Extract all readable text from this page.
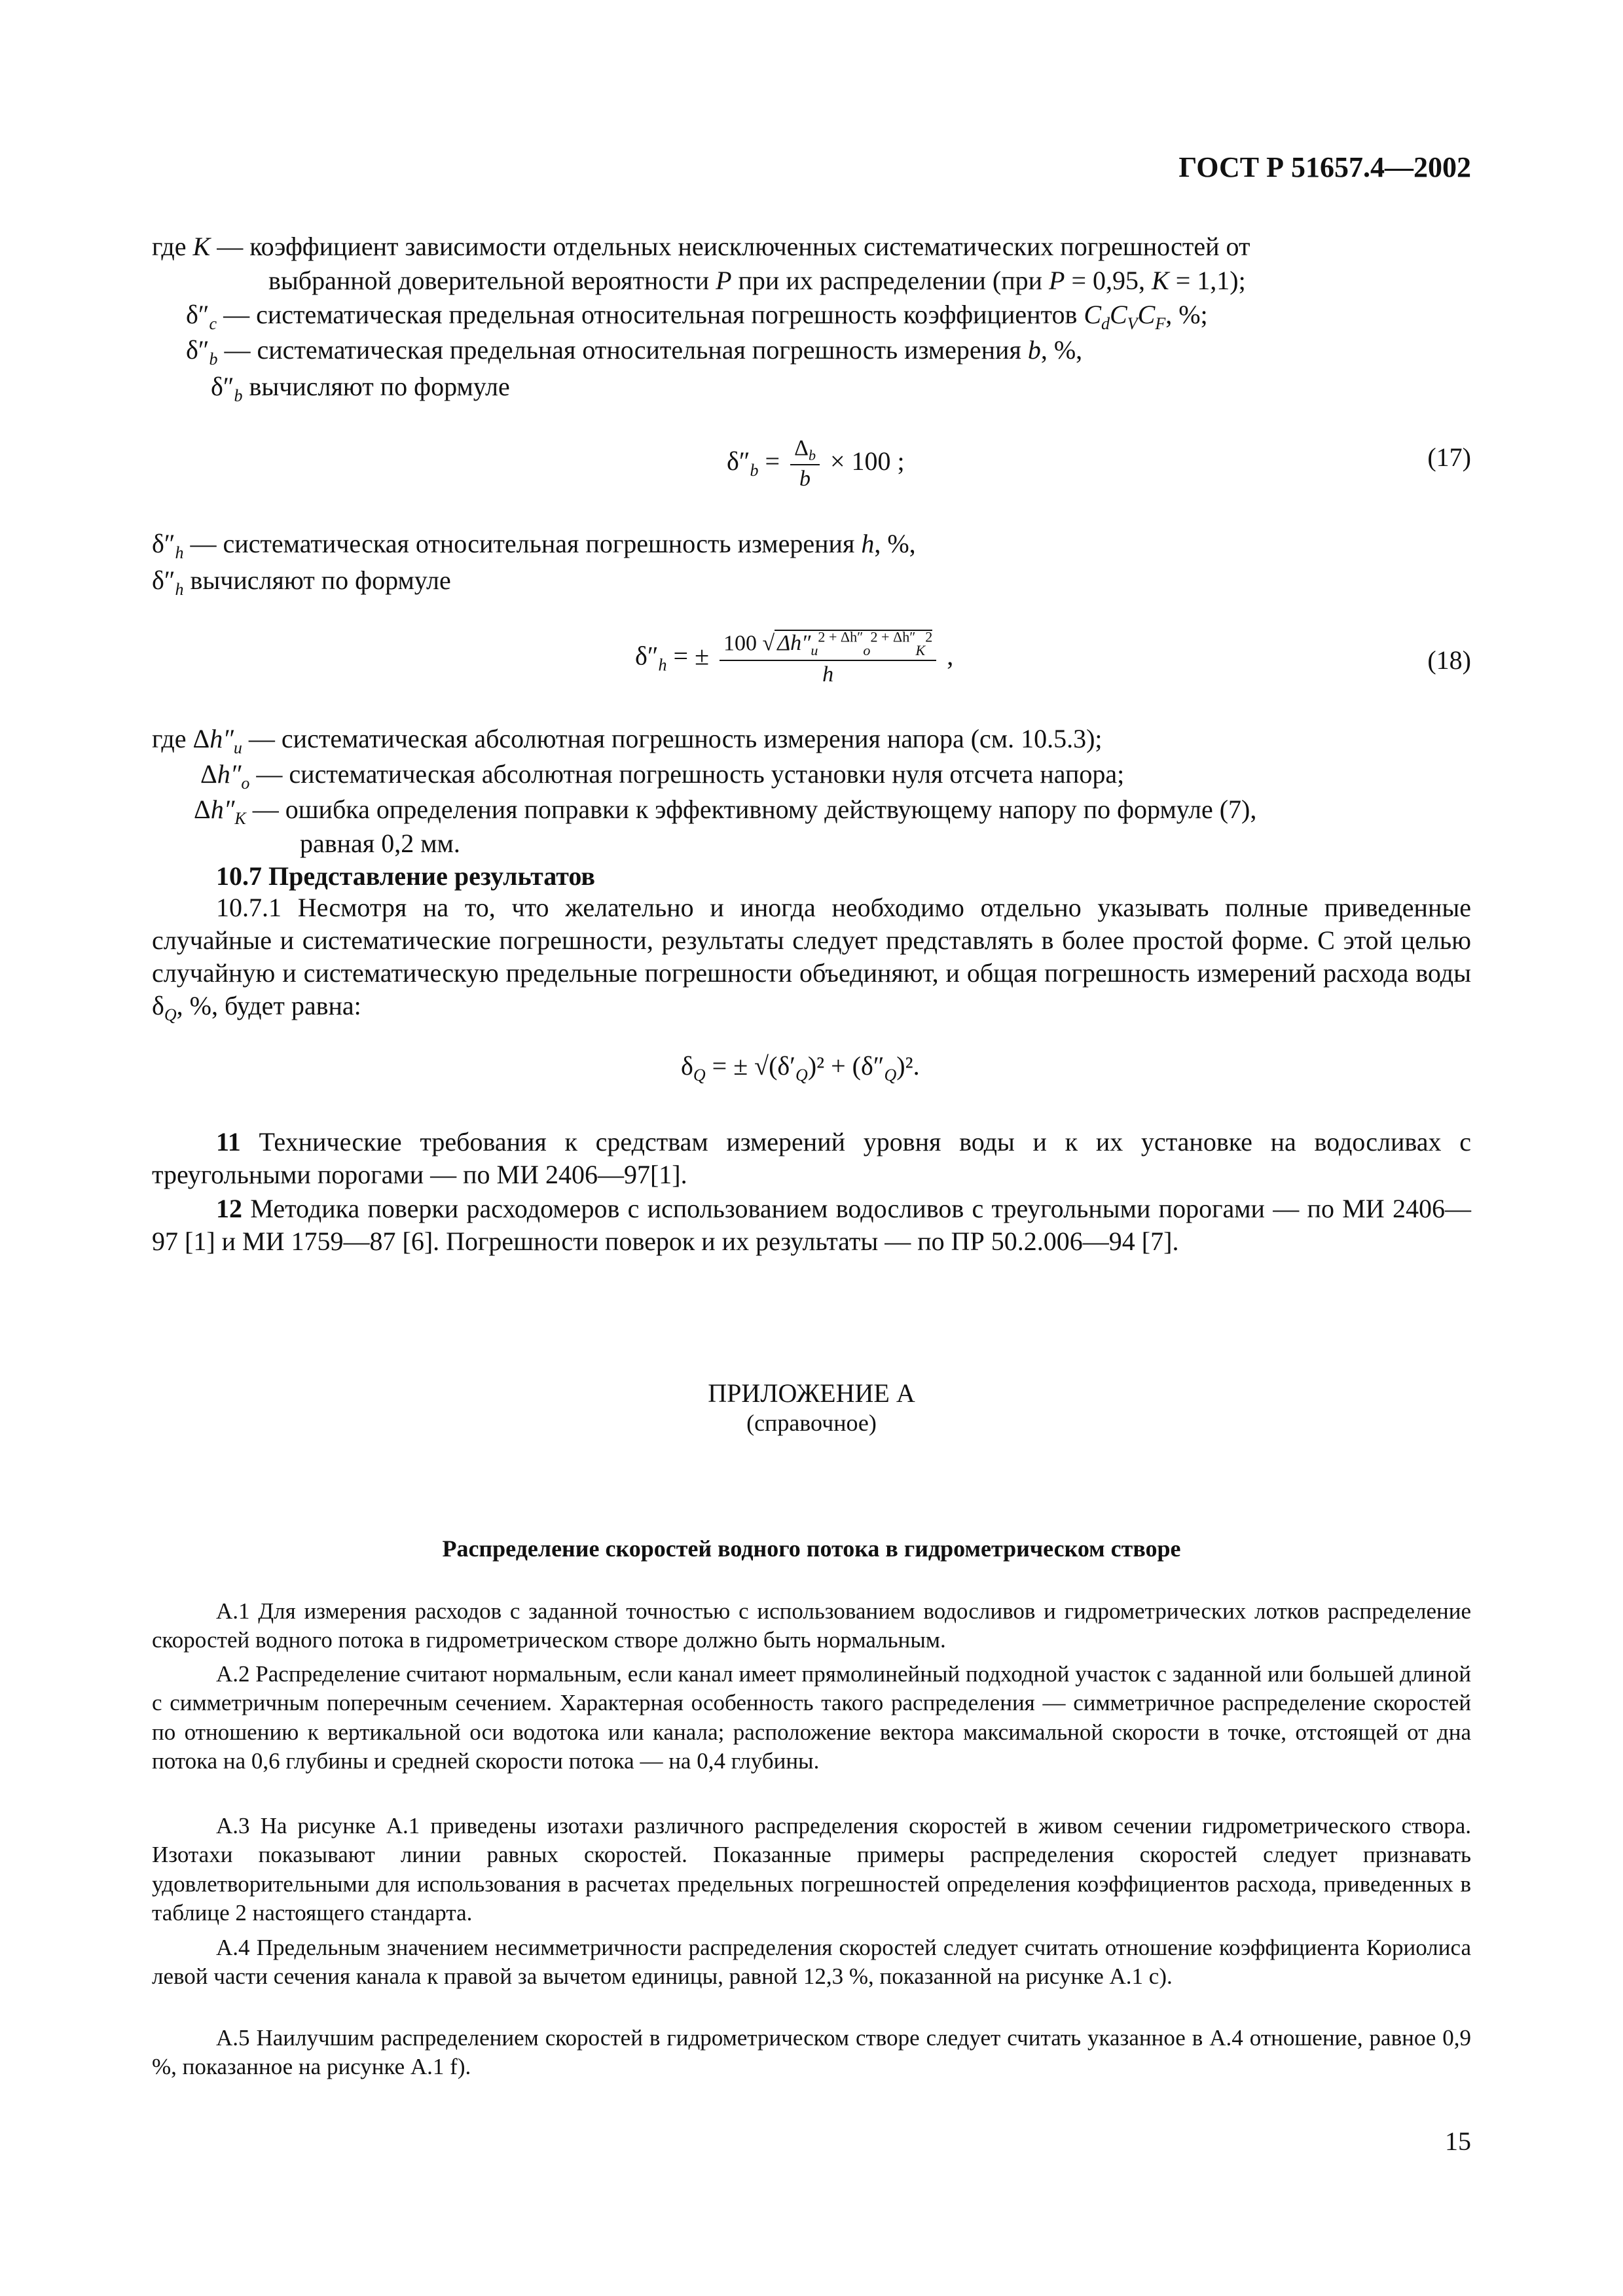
ГОСТ Р 51657.4—2002
где K — коэффициент зависимости отдельных неисключенных систематических погрешностей от
выбранной доверительной вероятности P при их распределении (при P = 0,95, K = 1,1);
$\delta''_c$ — систематическая предельная относительная погрешность коэффициентов $C_dC_VC_F$, %;
$\delta''_b$ — систематическая предельная относительная погрешность измерения b, %,
$\delta''_b$ вычисляют по формуле
$\delta''_b = \frac{\Delta_b}{b} \times 100$ ;	(17)
$\delta''_h$ — систематическая относительная погрешность измерения h, %,
$\delta''_h$ вычисляют по формуле
$\delta''_h$ = ± $\frac{100 √ \Delta h''_u^{2 + \Delta h''}_o^{2 + \Delta h''}_K^2}{h}$ ,	(18)
где $\Delta h''_u$ — систематическая абсолютная погрешность измерения напора (см. 10.5.3);
$\Delta h''_o$ — систематическая абсолютная погрешность установки нуля отсчета напора;
$\Delta h''_K$ — ошибка определения поправки к эффективному действующему напору по формуле (7),
равная 0,2 мм.
10.7 Представление результатов
10.7.1 Несмотря на то, что желательно и иногда необходимо отдельно указывать полные приведенные случайные и систематические погрешности, результаты следует представлять в более простой форме. С этой целью случайную и систематическую предельные погрешности объединяют, и общая погрешность измерений расхода воды $\delta_Q$, %, будет равна:
$\delta_Q$ = ± $√(\delta'_Q)^2 + (\delta''_Q)^2$.
11 Технические требования к средствам измерений уровня воды и к их установке на водосливах с треугольными порогами — по МИ 2406—97[1].
12 Методика поверки расходомеров с использованием водосливов с треугольными порогами — по МИ 2406—97 [1] и МИ 1759—87 [6]. Погрешности поверок и их результаты — по ПР 50.2.006—94 [7].
ПРИЛОЖЕНИЕ А
(справочное)
Распределение скоростей водного потока в гидрометрическом створе
А.1 Для измерения расходов с заданной точностью с использованием водосливов и гидрометрических лотков распределение скоростей водного потока в гидрометрическом створе должно быть нормальным.
А.2 Распределение считают нормальным, если канал имеет прямолинейный подходной участок с заданной или большей длиной с симметричным поперечным сечением. Характерная особенность такого распределения — симметричное распределение скоростей по отношению к вертикальной оси водотока или канала; расположение вектора максимальной скорости в точке, отстоящей от дна потока на 0,6 глубины и средней скорости потока — на 0,4 глубины.
А.3 На рисунке А.1 приведены изотахи различного распределения скоростей в живом сечении гидрометрического створа. Изотахи показывают линии равных скоростей. Показанные примеры распределения скоростей следует признавать удовлетворительными для использования в расчетах предельных погрешностей определения коэффициентов расхода, приведенных в таблице 2 настоящего стандарта.
А.4 Предельным значением несимметричности распределения скоростей следует считать отношение коэффициента Кориолиса левой части сечения канала к правой за вычетом единицы, равной 12,3 %, показанной на рисунке А.1 с).
А.5 Наилучшим распределением скоростей в гидрометрическом створе следует считать указанное в А.4 отношение, равное 0,9 %, показанное на рисунке А.1 f).
15
